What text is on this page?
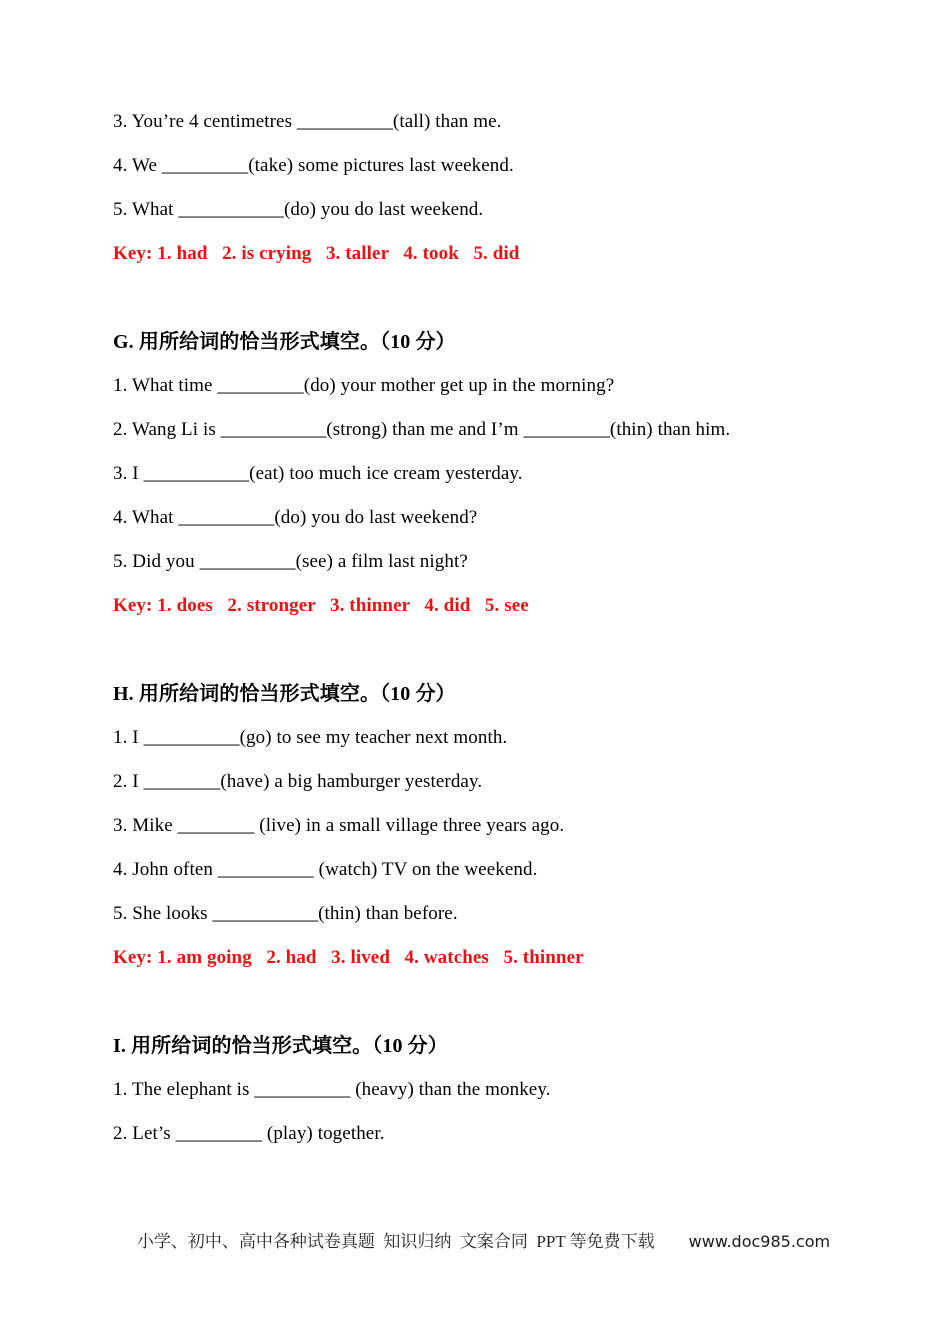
3. You’re 4 centimetres __________(tall) than me.

4. We _________(take) some pictures last weekend.

5. What ___________(do) you do last weekend.

Key: 1. had   2. is crying   3. taller   4. took   5. did

G. 用所给词的恰当形式填空。（10 分）

1. What time _________(do) your mother get up in the morning?

2. Wang Li is ___________(strong) than me and I’m _________(thin) than him.

3. I ___________(eat) too much ice cream yesterday.

4. What __________(do) you do last weekend?

5. Did you __________(see) a film last night?

Key: 1. does   2. stronger   3. thinner   4. did   5. see

H. 用所给词的恰当形式填空。（10 分）

1. I __________(go) to see my teacher next month.

2. I ________(have) a big hamburger yesterday.

3. Mike ________ (live) in a small village three years ago.

4. John often __________ (watch) TV on the weekend.

5. She looks ___________(thin) than before.

Key: 1. am going   2. had   3. lived   4. watches   5. thinner

I. 用所给词的恰当形式填空。（10 分）

1. The elephant is __________ (heavy) than the monkey.

2. Let’s _________ (play) together.

小学、初中、高中各种试卷真题  知识归纳  文案合同  PPT 等免费下载 www.doc985.com
